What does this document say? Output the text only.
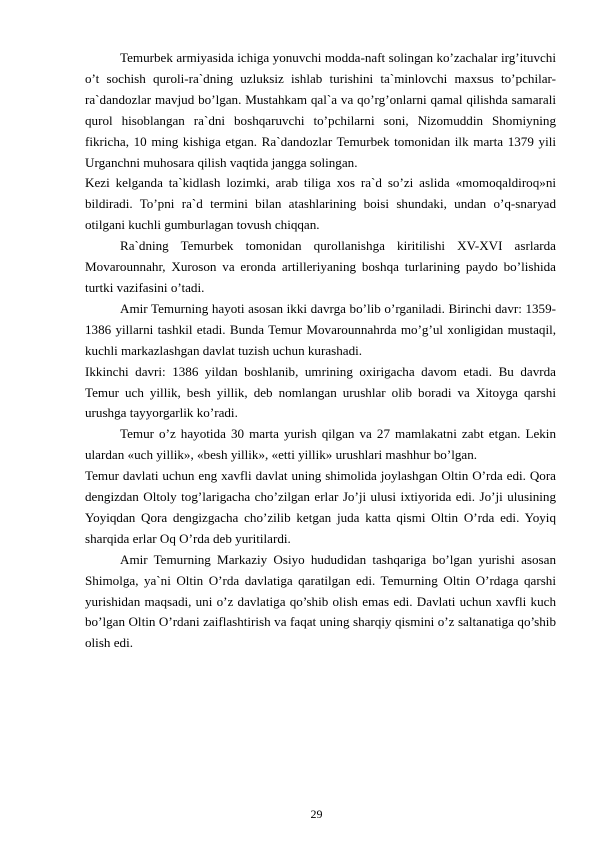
Temurbek armiyasida ichiga yonuvchi modda-naft solingan ko’zachalar irg’ituvchi o’t sochish quroli-ra`dning uzluksiz ishlab turishini ta`minlovchi maxsus to’pchilar-ra`dandozlar mavjud bo’lgan. Mustahkam qal`a va qo’rg’onlarni qamal qilishda samarali qurol hisoblangan ra`dni boshqaruvchi to’pchilarni soni, Nizomuddin Shomiyning fikricha, 10 ming kishiga etgan. Ra`dandozlar Temurbek tomonidan ilk marta 1379 yili Urganchni muhosara qilish vaqtida jangga solingan.

Kezi kelganda ta`kidlash lozimki, arab tiliga xos ra`d so’zi aslida «momoqaldiroq»ni bildiradi. To’pni ra`d termini bilan atashlarining boisi shundaki, undan o’q-snaryad otilgani kuchli gumburlagan tovush chiqqan.

Ra`dning Temurbek tomonidan qurollanishga kiritilishi XV-XVI asrlarda Movarounnahr, Xuroson va eronda artilleriyaning boshqa turlarining paydo bo’lishida turtki vazifasini o’tadi.

Amir Temurning hayoti asosan ikki davrga bo’lib o’rganiladi. Birinchi davr: 1359-1386 yillarni tashkil etadi. Bunda Temur Movarounnahrda mo’g’ul xonligidan mustaqil, kuchli markazlashgan davlat tuzish uchun kurashadi.

Ikkinchi davri: 1386 yildan boshlanib, umrining oxirigacha davom etadi. Bu davrda Temur uch yillik, besh yillik, deb nomlangan urushlar olib boradi va Xitoyga qarshi urushga tayyorgarlik ko’radi.

Temur o’z hayotida 30 marta yurish qilgan va 27 mamlakatni zabt etgan. Lekin ulardan «uch yillik», «besh yillik», «etti yillik» urushlari mashhur bo’lgan.

Temur davlati uchun eng xavfli davlat uning shimolida joylashgan Oltin O’rda edi. Qora dengizdan Oltoly tog’larigacha cho’zilgan erlar Jo’ji ulusi ixtiyorida edi. Jo’ji ulusining Yoyiqdan Qora dengizgacha cho’zilib ketgan juda katta qismi Oltin O’rda edi. Yoyiq sharqida erlar Oq O’rda deb yuritilardi.

Amir Temurning Markaziy Osiyo hududidan tashqariga bo’lgan yurishi asosan Shimolga, ya`ni Oltin O’rda davlatiga qaratilgan edi. Temurning Oltin O’rdaga qarshi yurishidan maqsadi, uni o’z davlatiga qo’shib olish emas edi. Davlati uchun xavfli kuch bo’lgan Oltin O’rdani zaiflashtirish va faqat uning sharqiy qismini o’z saltanatiga qo’shib olish edi.

29
